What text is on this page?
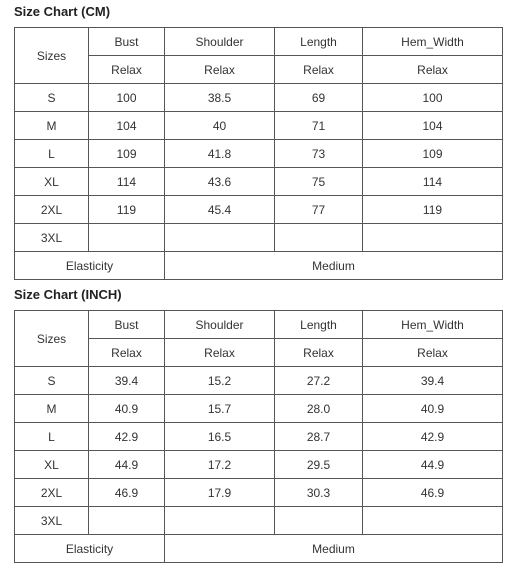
Size Chart (CM)
Sizes	Bust	Shoulder	Length	Hem_Width
	Relax	Relax	Relax	Relax
S	100	38.5	69	100
M	104	40	71	104
L	109	41.8	73	109
XL	114	43.6	75	114
2XL	119	45.4	77	119
3XL				
Elasticity		Medium		
Size Chart (INCH)
Sizes	Bust	Shoulder	Length	Hem_Width
	Relax	Relax	Relax	Relax
S	39.4	15.2	27.2	39.4
M	40.9	15.7	28.0	40.9
L	42.9	16.5	28.7	42.9
XL	44.9	17.2	29.5	44.9
2XL	46.9	17.9	30.3	46.9
3XL				
Elasticity		Medium		
